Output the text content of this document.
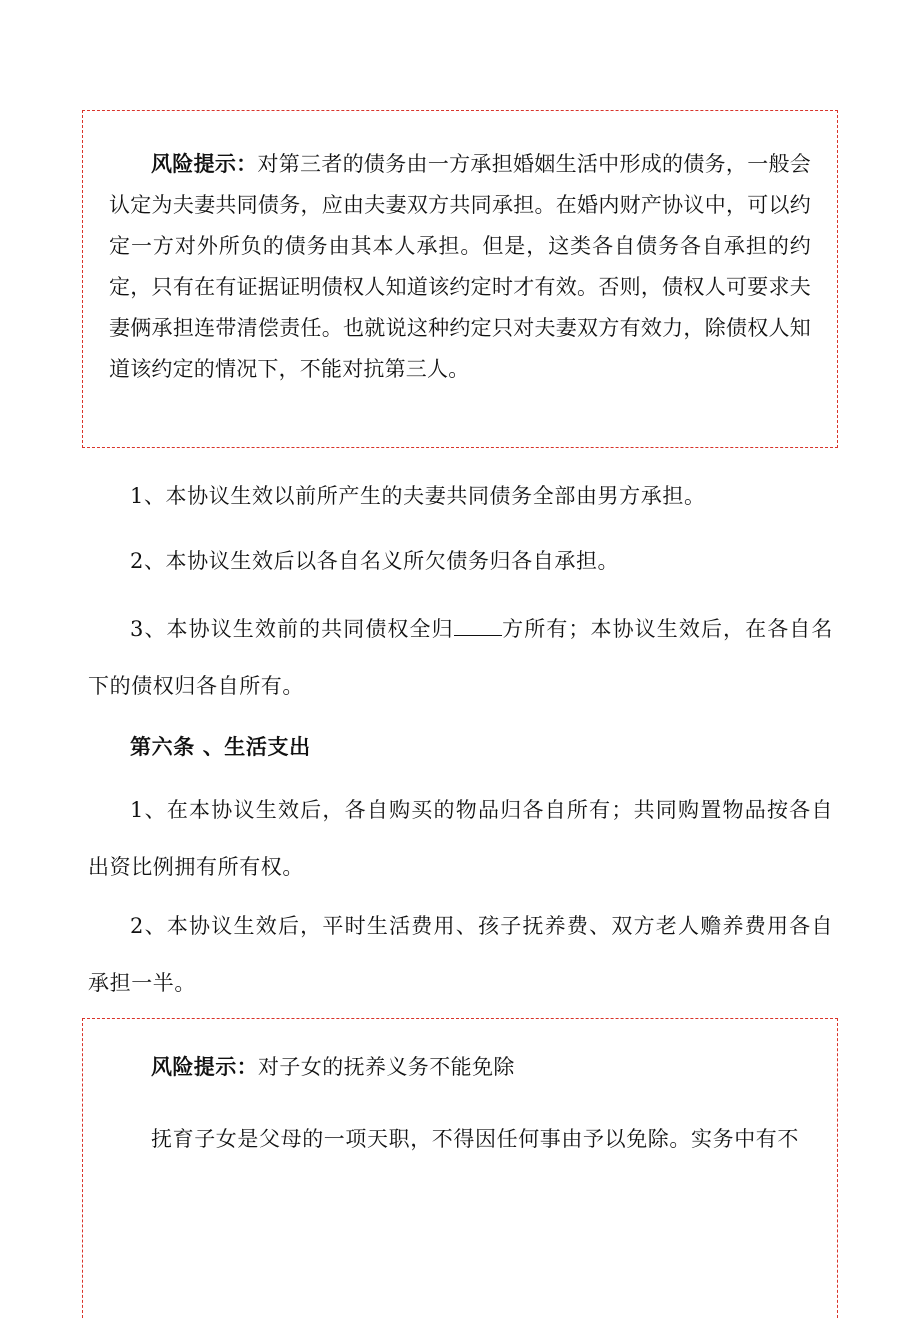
风险提示：对第三者的债务由一方承担婚姻生活中形成的债务，一般会认定为夫妻共同债务，应由夫妻双方共同承担。在婚内财产协议中，可以约定一方对外所负的债务由其本人承担。但是，这类各自债务各自承担的约定，只有在有证据证明债权人知道该约定时才有效。否则，债权人可要求夫妻俩承担连带清偿责任。也就说这种约定只对夫妻双方有效力，除债权人知道该约定的情况下，不能对抗第三人。
1、本协议生效以前所产生的夫妻共同债务全部由男方承担。
2、本协议生效后以各自名义所欠债务归各自承担。
3、本协议生效前的共同债权全归 方所有；本协议生效后，在各自名下的债权归各自所有。
第六条 、生活支出
1、在本协议生效后，各自购买的物品归各自所有；共同购置物品按各自出资比例拥有所有权。
2、本协议生效后，平时生活费用、孩子抚养费、双方老人赡养费用各自承担一半。
风险提示：对子女的抚养义务不能免除
抚育子女是父母的一项天职，不得因任何事由予以免除。实务中有不
